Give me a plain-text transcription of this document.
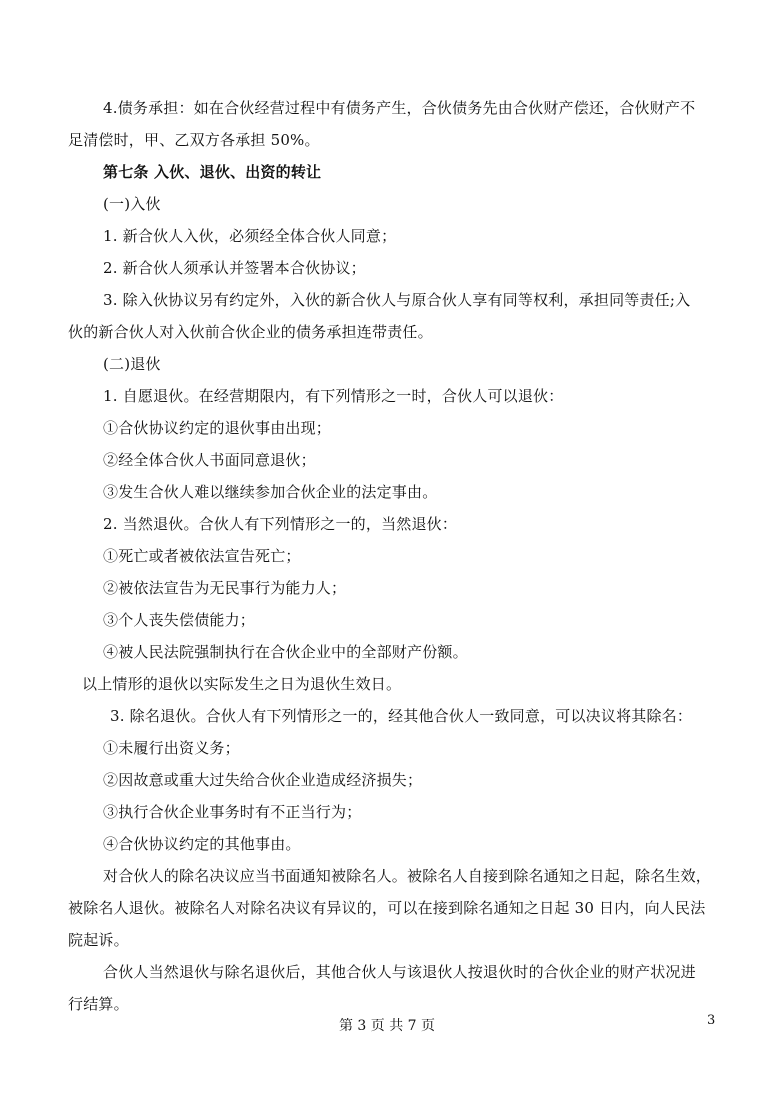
4.债务承担：如在合伙经营过程中有债务产生，合伙债务先由合伙财产偿还，合伙财产不
足清偿时，甲、乙双方各承担 50%。
第七条 入伙、退伙、出资的转让
(一)入伙
1. 新合伙人入伙，必须经全体合伙人同意；
2. 新合伙人须承认并签署本合伙协议；
3. 除入伙协议另有约定外，入伙的新合伙人与原合伙人享有同等权利，承担同等责任;入
伙的新合伙人对入伙前合伙企业的债务承担连带责任。
(二)退伙
1. 自愿退伙。在经营期限内，有下列情形之一时，合伙人可以退伙：
①合伙协议约定的退伙事由出现；
②经全体合伙人书面同意退伙；
③发生合伙人难以继续参加合伙企业的法定事由。
2. 当然退伙。合伙人有下列情形之一的，当然退伙：
①死亡或者被依法宣告死亡；
②被依法宣告为无民事行为能力人；
③个人丧失偿债能力；
④被人民法院强制执行在合伙企业中的全部财产份额。
以上情形的退伙以实际发生之日为退伙生效日。
3. 除名退伙。合伙人有下列情形之一的，经其他合伙人一致同意，可以决议将其除名：
①未履行出资义务；
②因故意或重大过失给合伙企业造成经济损失；
③执行合伙企业事务时有不正当行为；
④合伙协议约定的其他事由。
对合伙人的除名决议应当书面通知被除名人。被除名人自接到除名通知之日起，除名生效，
被除名人退伙。被除名人对除名决议有异议的，可以在接到除名通知之日起 30 日内，向人民法
院起诉。
合伙人当然退伙与除名退伙后，其他合伙人与该退伙人按退伙时的合伙企业的财产状况进
行结算。
第 3 页 共 7 页	3
